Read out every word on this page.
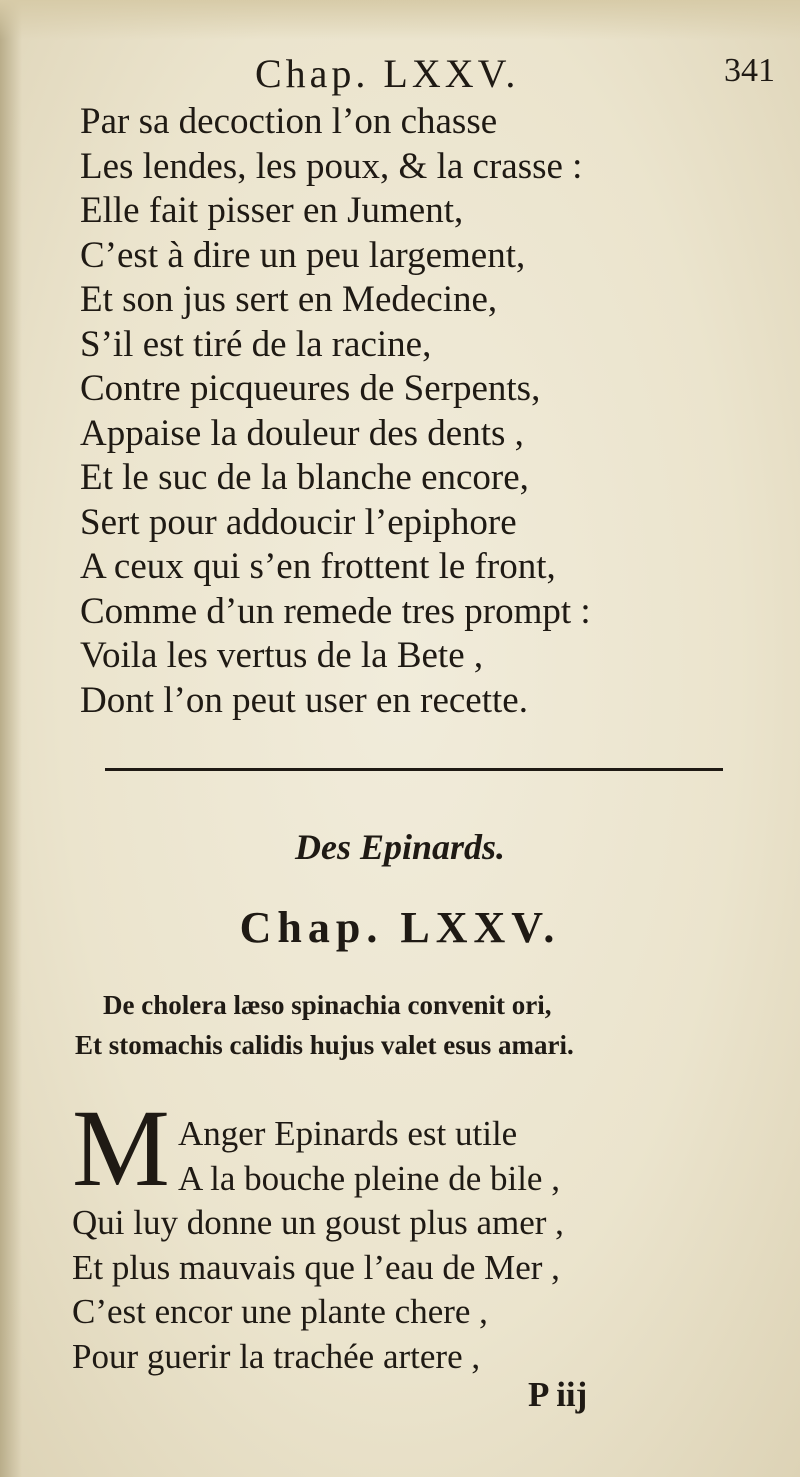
Chap. LXXV.	341
Par sa decoction l’on chasse
Les lendes, les poux, & la crasse :
Elle fait pisser en Jument,
C’est à dire un peu largement,
Et son jus sert en Medecine,
S’il est tiré de la racine,
Contre picqueures de Serpents,
Appaise la douleur des dents ,
Et le suc de la blanche encore,
Sert pour addoucir l’epiphore
A ceux qui s’en frottent le front,
Comme d’un remede tres prompt :
Voila les vertus de la Bete ,
Dont l’on peut user en recette.
Des Epinards.
Chap. LXXV.
De cholera læso spinachia convenit ori,
Et stomachis calidis hujus valet esus amari.
M Anger Epinards est utile
A la bouche pleine de bile ,
Qui luy donne un goust plus amer ,
Et plus mauvais que l’eau de Mer ,
C’est encor une plante chere ,
Pour guerir la trachée artere ,
P iij
